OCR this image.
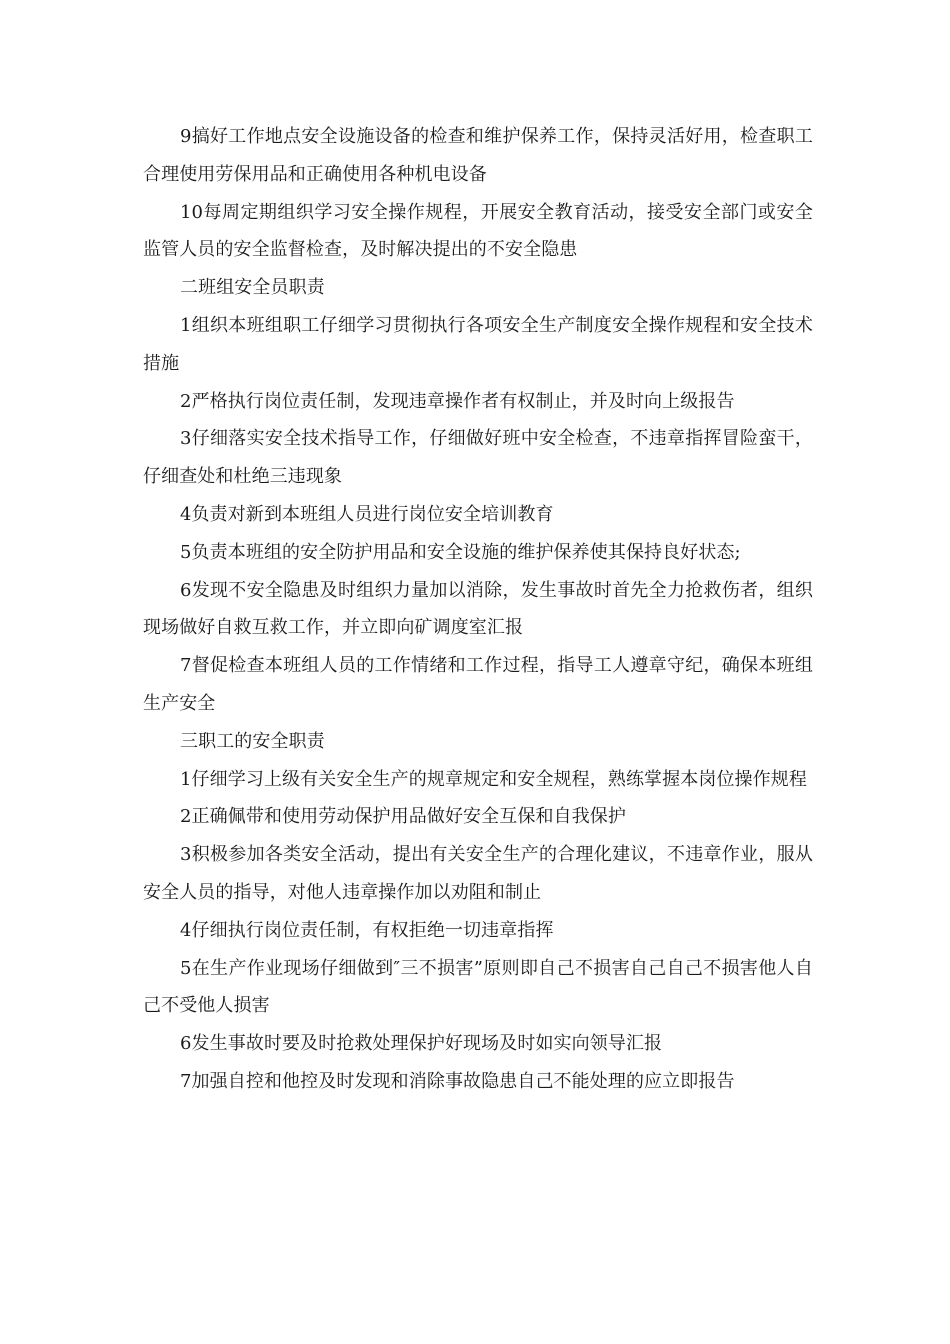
9搞好工作地点安全设施设备的检查和维护保养工作，保持灵活好用，检查职工合理使用劳保用品和正确使用各种机电设备

10每周定期组织学习安全操作规程，开展安全教育活动，接受安全部门或安全监管人员的安全监督检查，及时解决提出的不安全隐患

二班组安全员职责

1组织本班组职工仔细学习贯彻执行各项安全生产制度安全操作规程和安全技术措施

2严格执行岗位责任制，发现违章操作者有权制止，并及时向上级报告

3仔细落实安全技术指导工作，仔细做好班中安全检查，不违章指挥冒险蛮干，仔细查处和杜绝三违现象

4负责对新到本班组人员进行岗位安全培训教育

5负责本班组的安全防护用品和安全设施的维护保养使其保持良好状态;

6发现不安全隐患及时组织力量加以消除，发生事故时首先全力抢救伤者，组织现场做好自救互救工作，并立即向矿调度室汇报

7督促检查本班组人员的工作情绪和工作过程，指导工人遵章守纪，确保本班组生产安全

三职工的安全职责

1仔细学习上级有关安全生产的规章规定和安全规程，熟练掌握本岗位操作规程

2正确佩带和使用劳动保护用品做好安全互保和自我保护

3积极参加各类安全活动，提出有关安全生产的合理化建议，不违章作业，服从安全人员的指导，对他人违章操作加以劝阻和制止

4仔细执行岗位责任制，有权拒绝一切违章指挥

5在生产作业现场仔细做到″三不损害”原则即自己不损害自己自己不损害他人自己不受他人损害

6发生事故时要及时抢救处理保护好现场及时如实向领导汇报

7加强自控和他控及时发现和消除事故隐患自己不能处理的应立即报告
